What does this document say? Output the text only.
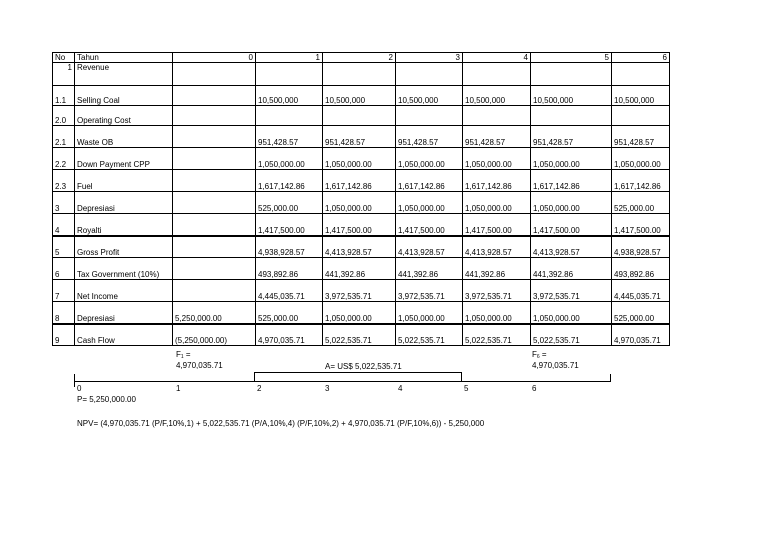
No	Tahun	0	1	2	3	4	5	6
1	Revenue							
1.1	Selling Coal		10,500,000	10,500,000	10,500,000	10,500,000	10,500,000	10,500,000
2.0	Operating Cost							
2.1	Waste OB		951,428.57	951,428.57	951,428.57	951,428.57	951,428.57	951,428.57
2.2	Down Payment CPP		1,050,000.00	1,050,000.00	1,050,000.00	1,050,000.00	1,050,000.00	1,050,000.00
2.3	Fuel		1,617,142.86	1,617,142.86	1,617,142.86	1,617,142.86	1,617,142.86	1,617,142.86
3	Depresiasi		525,000.00	1,050,000.00	1,050,000.00	1,050,000.00	1,050,000.00	525,000.00
4	Royalti		1,417,500.00	1,417,500.00	1,417,500.00	1,417,500.00	1,417,500.00	1,417,500.00
5	Gross Profit		4,938,928.57	4,413,928.57	4,413,928.57	4,413,928.57	4,413,928.57	4,938,928.57
6	Tax Government (10%)		493,892.86	441,392.86	441,392.86	441,392.86	441,392.86	493,892.86
7	Net Income		4,445,035.71	3,972,535.71	3,972,535.71	3,972,535.71	3,972,535.71	4,445,035.71
8	Depresiasi	5,250,000.00	525,000.00	1,050,000.00	1,050,000.00	1,050,000.00	1,050,000.00	525,000.00
9	Cash Flow	(5,250,000.00)	4,970,035.71	5,022,535.71	5,022,535.71	5,022,535.71	5,022,535.71	4,970,035.71
$F_1$ =
4,970,035.71	A= US$ 5,022,535.71
$F_6$ =
4,970,035.71
0	1	2	3	4	5	6
P= 5,250,000.00
NPV= (4,970,035.71 (P/F,10%,1) + 5,022,535.71 (P/A,10%,4) (P/F,10%,2) + 4,970,035.71 (P/F,10%,6)) - 5,250,000
